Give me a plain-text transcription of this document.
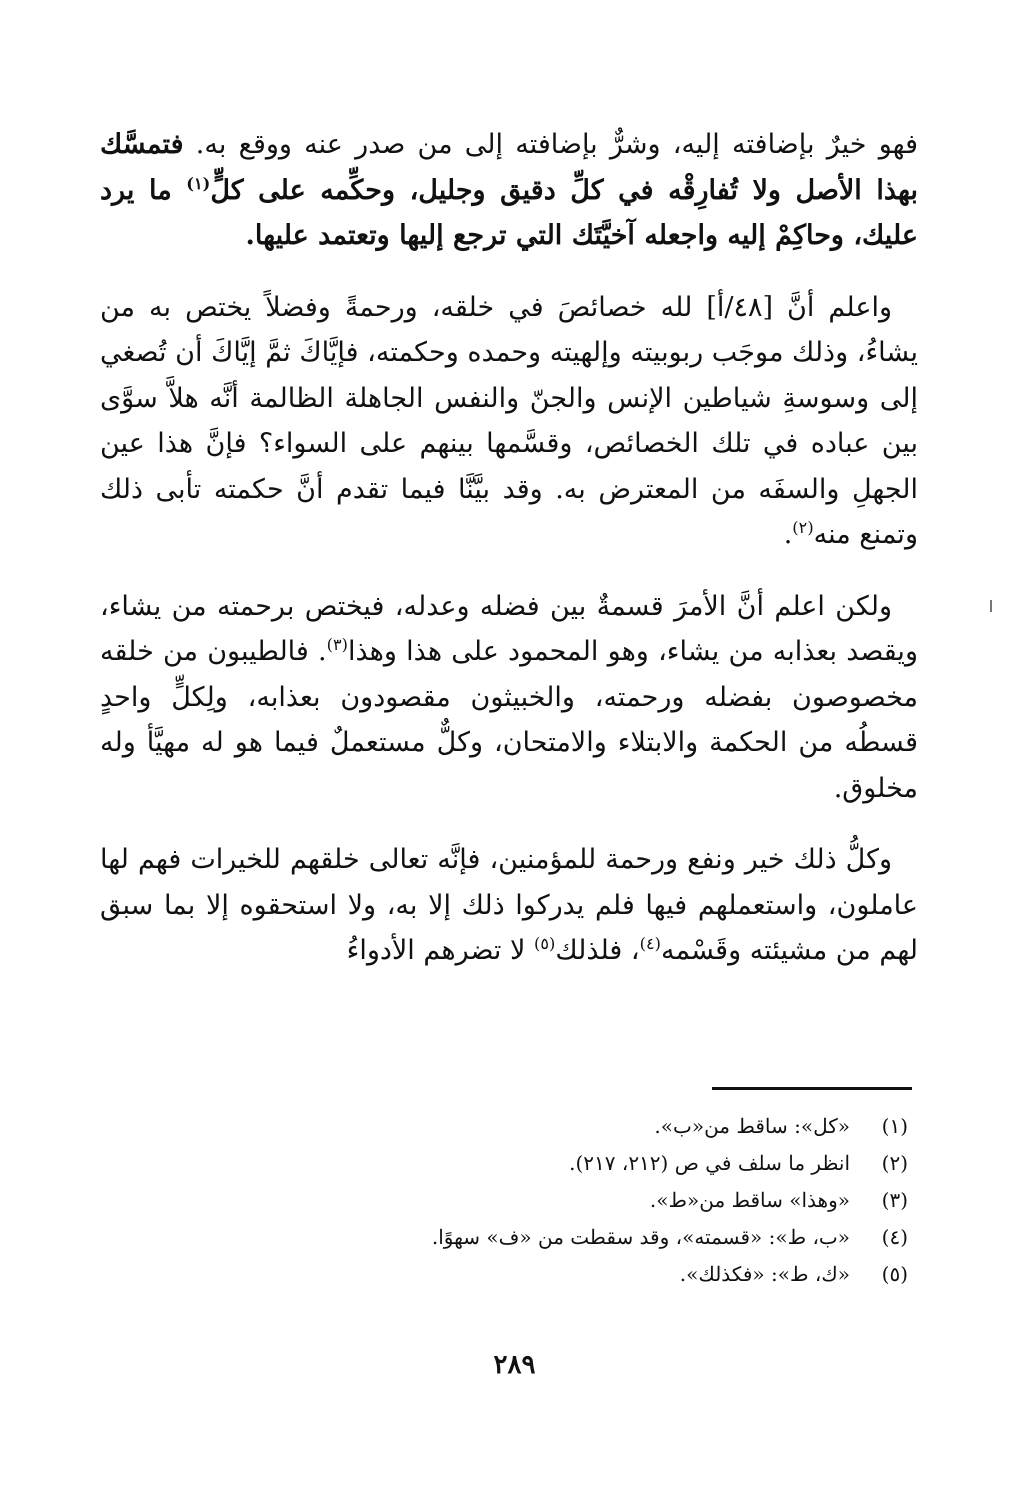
فهو خيرٌ بإضافته إليه، وشرٌّ بإضافته إلى من صدر عنه ووقع به. فتمسَّك بهذا الأصل ولا تُفارِقْه في كلِّ دقيق وجليل، وحكِّمه على كلٍّ$^{(١)}$ ما يرد عليك، وحاكِمْ إليه واجعله آخيَّتَك التي ترجع إليها وتعتمد عليها.

واعلم أنَّ [٤٨/أ] لله خصائصَ في خلقه، ورحمةً وفضلاً يختص به من يشاءُ، وذلك موجَب ربوبيته وإلهيته وحمده وحكمته، فإيَّاكَ ثمَّ إيَّاكَ أن تُصغي إلى وسوسةِ شياطين الإنس والجنّ والنفس الجاهلة الظالمة أنَّه هلاَّ سوَّى بين عباده في تلك الخصائص، وقسَّمها بينهم على السواء؟ فإنَّ هذا عين الجهلِ والسفَه من المعترض به. وقد بيَّنَّا فيما تقدم أنَّ حكمته تأبى ذلك وتمنع منه$^{(٢)}$.

ولكن اعلم أنَّ الأمرَ قسمةٌ بين فضله وعدله، فيختص برحمته من يشاء، ويقصد بعذابه من يشاء، وهو المحمود على هذا وهذا$^{(٣)}$. فالطيبون من خلقه مخصوصون بفضله ورحمته، والخبيثون مقصودون بعذابه، ولِكلٍّ واحدٍ قسطُه من الحكمة والابتلاء والامتحان، وكلٌّ مستعملٌ فيما هو له مهيَّأ وله مخلوق.

وكلُّ ذلك خير ونفع ورحمة للمؤمنين، فإنَّه تعالى خلقهم للخيرات فهم لها عاملون، واستعملهم فيها فلم يدركوا ذلك إلا به، ولا استحقوه إلا بما سبق لهم من مشيئته وقَسْمه$^{(٤)}$، فلذلك$^{(٥)}$ لا تضرهم الأدواءُ

(١)«كل»: ساقط من«ب».
(٢)انظر ما سلف في ص (٢١٢، ٢١٧).
(٣)«وهذا» ساقط من«ط».
(٤)«ب، ط»: «قسمته»، وقد سقطت من «ف» سهوًا.
(٥)«ك، ط»: «فكذلك».
٢٨٩
